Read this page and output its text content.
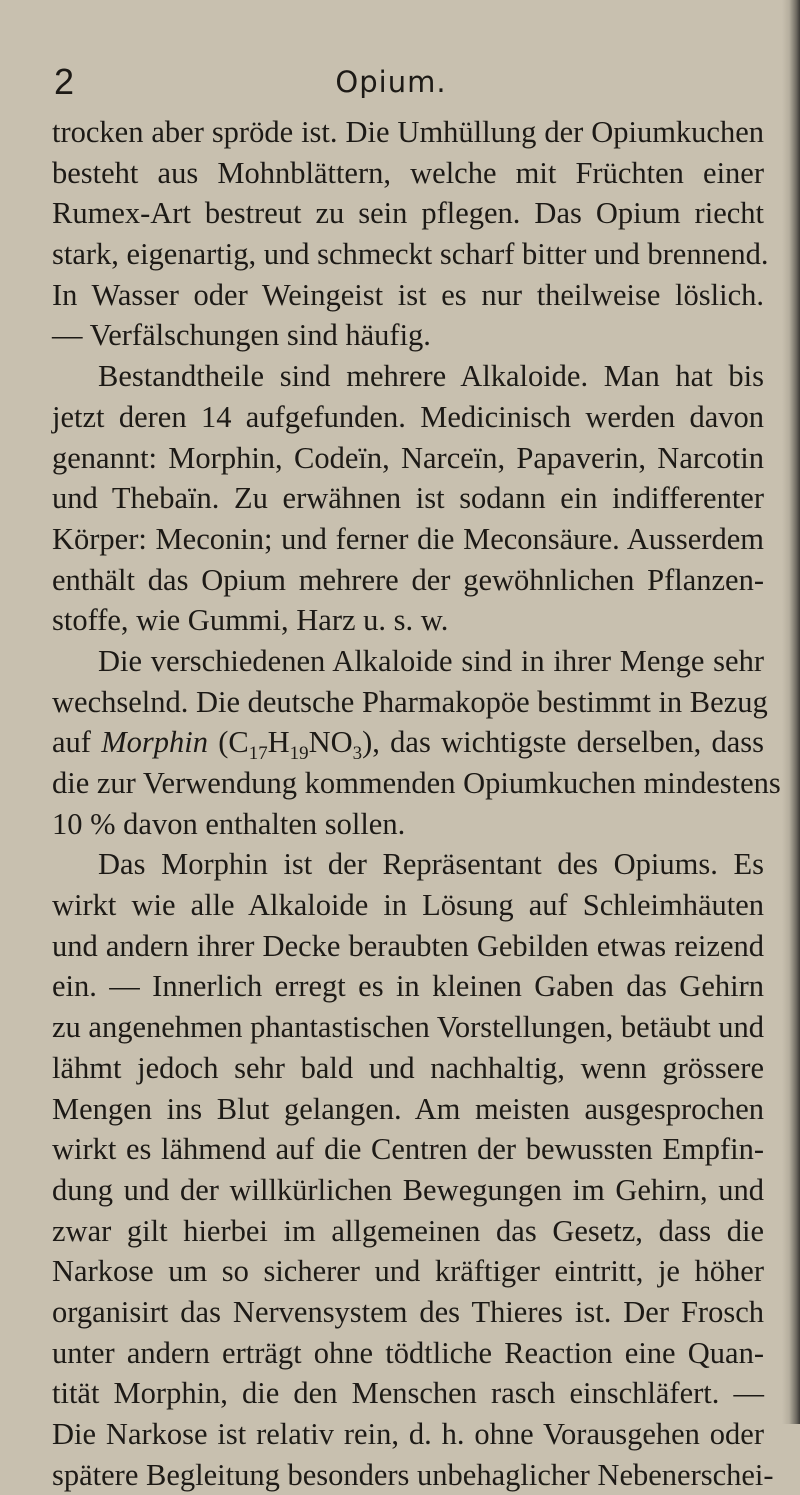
2	Opium.
trocken aber spröde ist. Die Umhüllung der Opiumkuchen
besteht aus Mohnblättern, welche mit Früchten einer
Rumex-Art bestreut zu sein pflegen. Das Opium riecht
stark, eigenartig, und schmeckt scharf bitter und brennend.
In Wasser oder Weingeist ist es nur theilweise löslich.
— Verfälschungen sind häufig.
Bestandtheile sind mehrere Alkaloide. Man hat bis
jetzt deren 14 aufgefunden. Medicinisch werden davon
genannt: Morphin, Codeïn, Narceïn, Papaverin, Narcotin
und Thebaïn. Zu erwähnen ist sodann ein indifferenter
Körper: Meconin; und ferner die Meconsäure. Ausserdem
enthält das Opium mehrere der gewöhnlichen Pflanzen-
stoffe, wie Gummi, Harz u. s. w.
Die verschiedenen Alkaloide sind in ihrer Menge sehr
wechselnd. Die deutsche Pharmakopöe bestimmt in Bezug
auf Morphin $(C_{17}H_{19}NO_3)$, das wichtigste derselben, dass
die zur Verwendung kommenden Opiumkuchen mindestens
10 % davon enthalten sollen.
Das Morphin ist der Repräsentant des Opiums. Es
wirkt wie alle Alkaloide in Lösung auf Schleimhäuten
und andern ihrer Decke beraubten Gebilden etwas reizend
ein. — Innerlich erregt es in kleinen Gaben das Gehirn
zu angenehmen phantastischen Vorstellungen, betäubt und
lähmt jedoch sehr bald und nachhaltig, wenn grössere
Mengen ins Blut gelangen. Am meisten ausgesprochen
wirkt es lähmend auf die Centren der bewussten Empfin-
dung und der willkürlichen Bewegungen im Gehirn, und
zwar gilt hierbei im allgemeinen das Gesetz, dass die
Narkose um so sicherer und kräftiger eintritt, je höher
organisirt das Nervensystem des Thieres ist. Der Frosch
unter andern erträgt ohne tödtliche Reaction eine Quan-
tität Morphin, die den Menschen rasch einschläfert. —
Die Narkose ist relativ rein, d. h. ohne Vorausgehen oder
spätere Begleitung besonders unbehaglicher Nebenerschei-
